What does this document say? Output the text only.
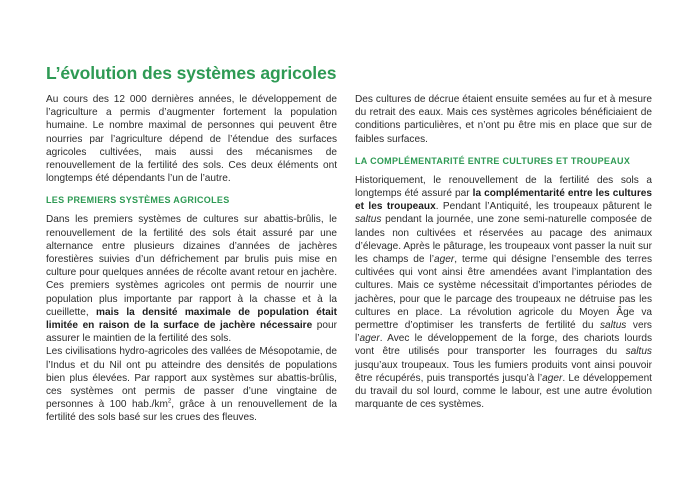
L’évolution des systèmes agricoles

Au cours des 12 000 dernières années, le développement de l’agriculture a permis d’augmenter fortement la population humaine. Le nombre maximal de personnes qui peuvent être nourries par l’agriculture dépend de l’étendue des surfaces agricoles cultivées, mais aussi des mécanismes de renouvellement de la fertilité des sols. Ces deux éléments ont longtemps été dépendants l’un de l’autre.

LES PREMIERS SYSTÈMES AGRICOLES

Dans les premiers systèmes de cultures sur abattis-brûlis, le renouvellement de la fertilité des sols était assuré par une alternance entre plusieurs dizaines d’années de jachères forestières suivies d’un défrichement par brulis puis mise en culture pour quelques années de récolte avant retour en jachère. Ces premiers systèmes agricoles ont permis de nourrir une population plus importante par rapport à la chasse et à la cueillette, mais la densité maximale de population était limitée en raison de la surface de jachère nécessaire pour assurer le maintien de la fertilité des sols.

Les civilisations hydro-agricoles des vallées de Mésopotamie, de l’Indus et du Nil ont pu atteindre des densités de populations bien plus élevées. Par rapport aux systèmes sur abattis-brûlis, ces systèmes ont permis de passer d’une vingtaine de personnes à 100 $hab./km^2$, grâce à un renouvellement de la fertilité des sols basé sur les crues des fleuves.

Des cultures de décrue étaient ensuite semées au fur et à mesure du retrait des eaux. Mais ces systèmes agricoles bénéficiaient de conditions particulières, et n’ont pu être mis en place que sur de faibles surfaces.

LA COMPLÉMENTARITÉ ENTRE CULTURES ET TROUPEAUX

Historiquement, le renouvellement de la fertilité des sols a longtemps été assuré par la complémentarité entre les cultures et les troupeaux. Pendant l’Antiquité, les troupeaux pâturent le saltus pendant la journée, une zone semi-naturelle composée de landes non cultivées et réservées au pacage des animaux d’élevage. Après le pâturage, les troupeaux vont passer la nuit sur les champs de l’ager, terme qui désigne l’ensemble des terres cultivées qui vont ainsi être amendées avant l’implantation des cultures. Mais ce système nécessitait d’importantes périodes de jachères, pour que le parcage des troupeaux ne détruise pas les cultures en place. La révolution agricole du Moyen Âge va permettre d’optimiser les transferts de fertilité du saltus vers l’ager. Avec le développement de la forge, des chariots lourds vont être utilisés pour transporter les fourrages du saltus jusqu’aux troupeaux. Tous les fumiers produits vont ainsi pouvoir être récupérés, puis transportés jusqu’à l’ager. Le développement du travail du sol lourd, comme le labour, est une autre évolution marquante de ces systèmes.
